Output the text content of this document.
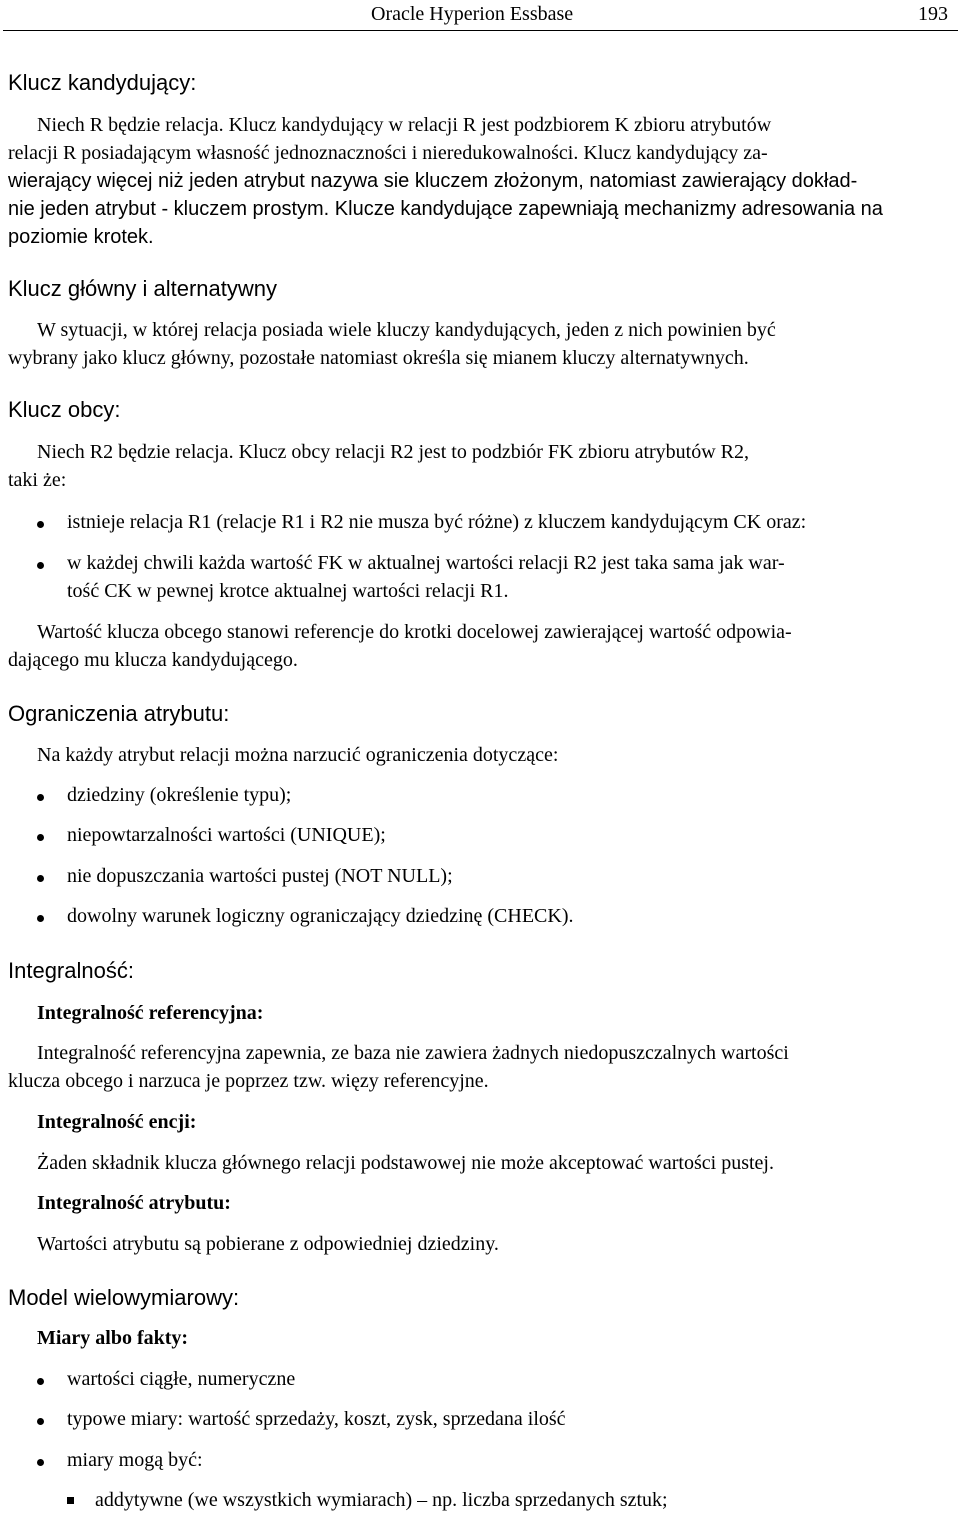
Oracle Hyperion Essbase	193
Klucz kandydujący:
Niech R będzie relacja. Klucz kandydujący w relacji R jest podzbiorem K zbioru atrybutów
relacji R posiadającym własność jednoznaczności i nieredukowalności. Klucz kandydujący za-
wierający więcej niż jeden atrybut nazywa sie kluczem złożonym, natomiast zawierający dokład-
nie jeden atrybut - kluczem prostym. Klucze kandydujące zapewniają mechanizmy adresowania na
poziomie krotek.
Klucz główny i alternatywny
W sytuacji, w której relacja posiada wiele kluczy kandydujących, jeden z nich powinien być
wybrany jako klucz główny, pozostałe natomiast określa się mianem kluczy alternatywnych.
Klucz obcy:
Niech R2 będzie relacja. Klucz obcy relacji R2 jest to podzbiór FK zbioru atrybutów R2,
taki że:
istnieje relacja R1 (relacje R1 i R2 nie musza być różne) z kluczem kandydującym CK oraz:
w każdej chwili każda wartość FK w aktualnej wartości relacji R2 jest taka sama jak war-
tość CK w pewnej krotce aktualnej wartości relacji R1.
Wartość klucza obcego stanowi referencje do krotki docelowej zawierającej wartość odpowia-
dającego mu klucza kandydującego.
Ograniczenia atrybutu:
Na każdy atrybut relacji można narzucić ograniczenia dotyczące:
dziedziny (określenie typu);
niepowtarzalności wartości (UNIQUE);
nie dopuszczania wartości pustej (NOT NULL);
dowolny warunek logiczny ograniczający dziedzinę (CHECK).
Integralność:
Integralność referencyjna:
Integralność referencyjna zapewnia, ze baza nie zawiera żadnych niedopuszczalnych wartości
klucza obcego i narzuca je poprzez tzw. więzy referencyjne.
Integralność encji:
Żaden składnik klucza głównego relacji podstawowej nie może akceptować wartości pustej.
Integralność atrybutu:
Wartości atrybutu są pobierane z odpowiedniej dziedziny.
Model wielowymiarowy:
Miary albo fakty:
wartości ciągłe, numeryczne
typowe miary: wartość sprzedaży, koszt, zysk, sprzedana ilość
miary mogą być:
addytywne (we wszystkich wymiarach) – np. liczba sprzedanych sztuk;
